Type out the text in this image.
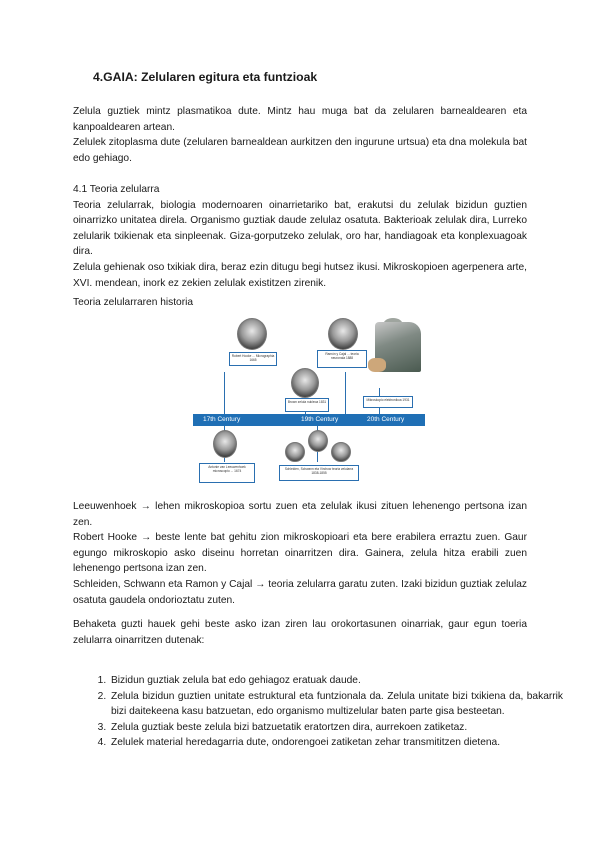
4.GAIA: Zelularen egitura eta funtzioak

Zelula guztiek mintz plasmatikoa dute. Mintz hau muga bat da zelularen barnealdearen eta kanpoaldearen artean.

Zelulek zitoplasma dute (zelularen barnealdean aurkitzen den ingurune urtsua) eta dna molekula bat edo gehiago.

4.1 Teoria zelularra

Teoria zelularrak, biologia modernoaren oinarrietariko bat, erakutsi du zelulak bizidun guztien oinarrizko unitatea direla. Organismo guztiak daude zelulaz osatuta. Bakterioak zelulak dira, Lurreko zelularik txikienak eta sinpleenak. Giza-gorputzeko zelulak, oro har, handiagoak eta konplexuagoak dira.

Zelula gehienak oso txikiak dira, beraz ezin ditugu begi hutsez ikusi. Mikroskopioen agerpenera arte, XVI. mendean, inork ez zekien zelulak existitzen zirenik.

Teoria zelularraren historia

Leeuwenhoek → lehen mikroskopioa sortu zuen eta zelulak ikusi zituen lehenengo pertsona izan zen.

Robert Hooke → beste lente bat gehitu zion mikroskopioari eta bere erabilera erraztu zuen. Gaur egungo mikroskopio asko diseinu horretan oinarritzen dira. Gainera, zelula hitza erabili zuen lehenengo pertsona izan zen.

Schleiden, Schwann eta Ramon y Cajal → teoria zelularra garatu zuten. Izaki bizidun guztiak zelulaz osatuta gaudela ondorioztatu zuten.

Behaketa guzti hauek gehi beste asko izan ziren lau orokortasunen oinarriak, gaur egun toeria zelularra oinarritzen dutenak:
1. Bizidun guztiak zelula bat edo gehiagoz eratuak daude.
2. Zelula bizidun guztien unitate estruktural eta funtzionala da. Zelula unitate bizi txikiena da, bakarrik bizi daitekeena kasu batzuetan, edo organismo multizelular baten parte gisa besteetan.
3. Zelula guztiak beste zelula bizi batzuetatik eratortzen dira, aurrekoen zatiketaz.
4. Zelulek material heredagarria dute, ondorengoei zatiketan zehar transmititzen dietena.
Robert Hooke ... Micrographia 1665
Ramón y Cajal ... teoria neuronala 1888
Brown zelula nukleoa 1831	Mikroskopio elektronikoa 1931
17th Century	19th Century	20th Century
Antonie van Leeuwenhoek microscopio ... 1674	Schleiden, Schwann eta Virchow teoria zelularra 1838-1855
